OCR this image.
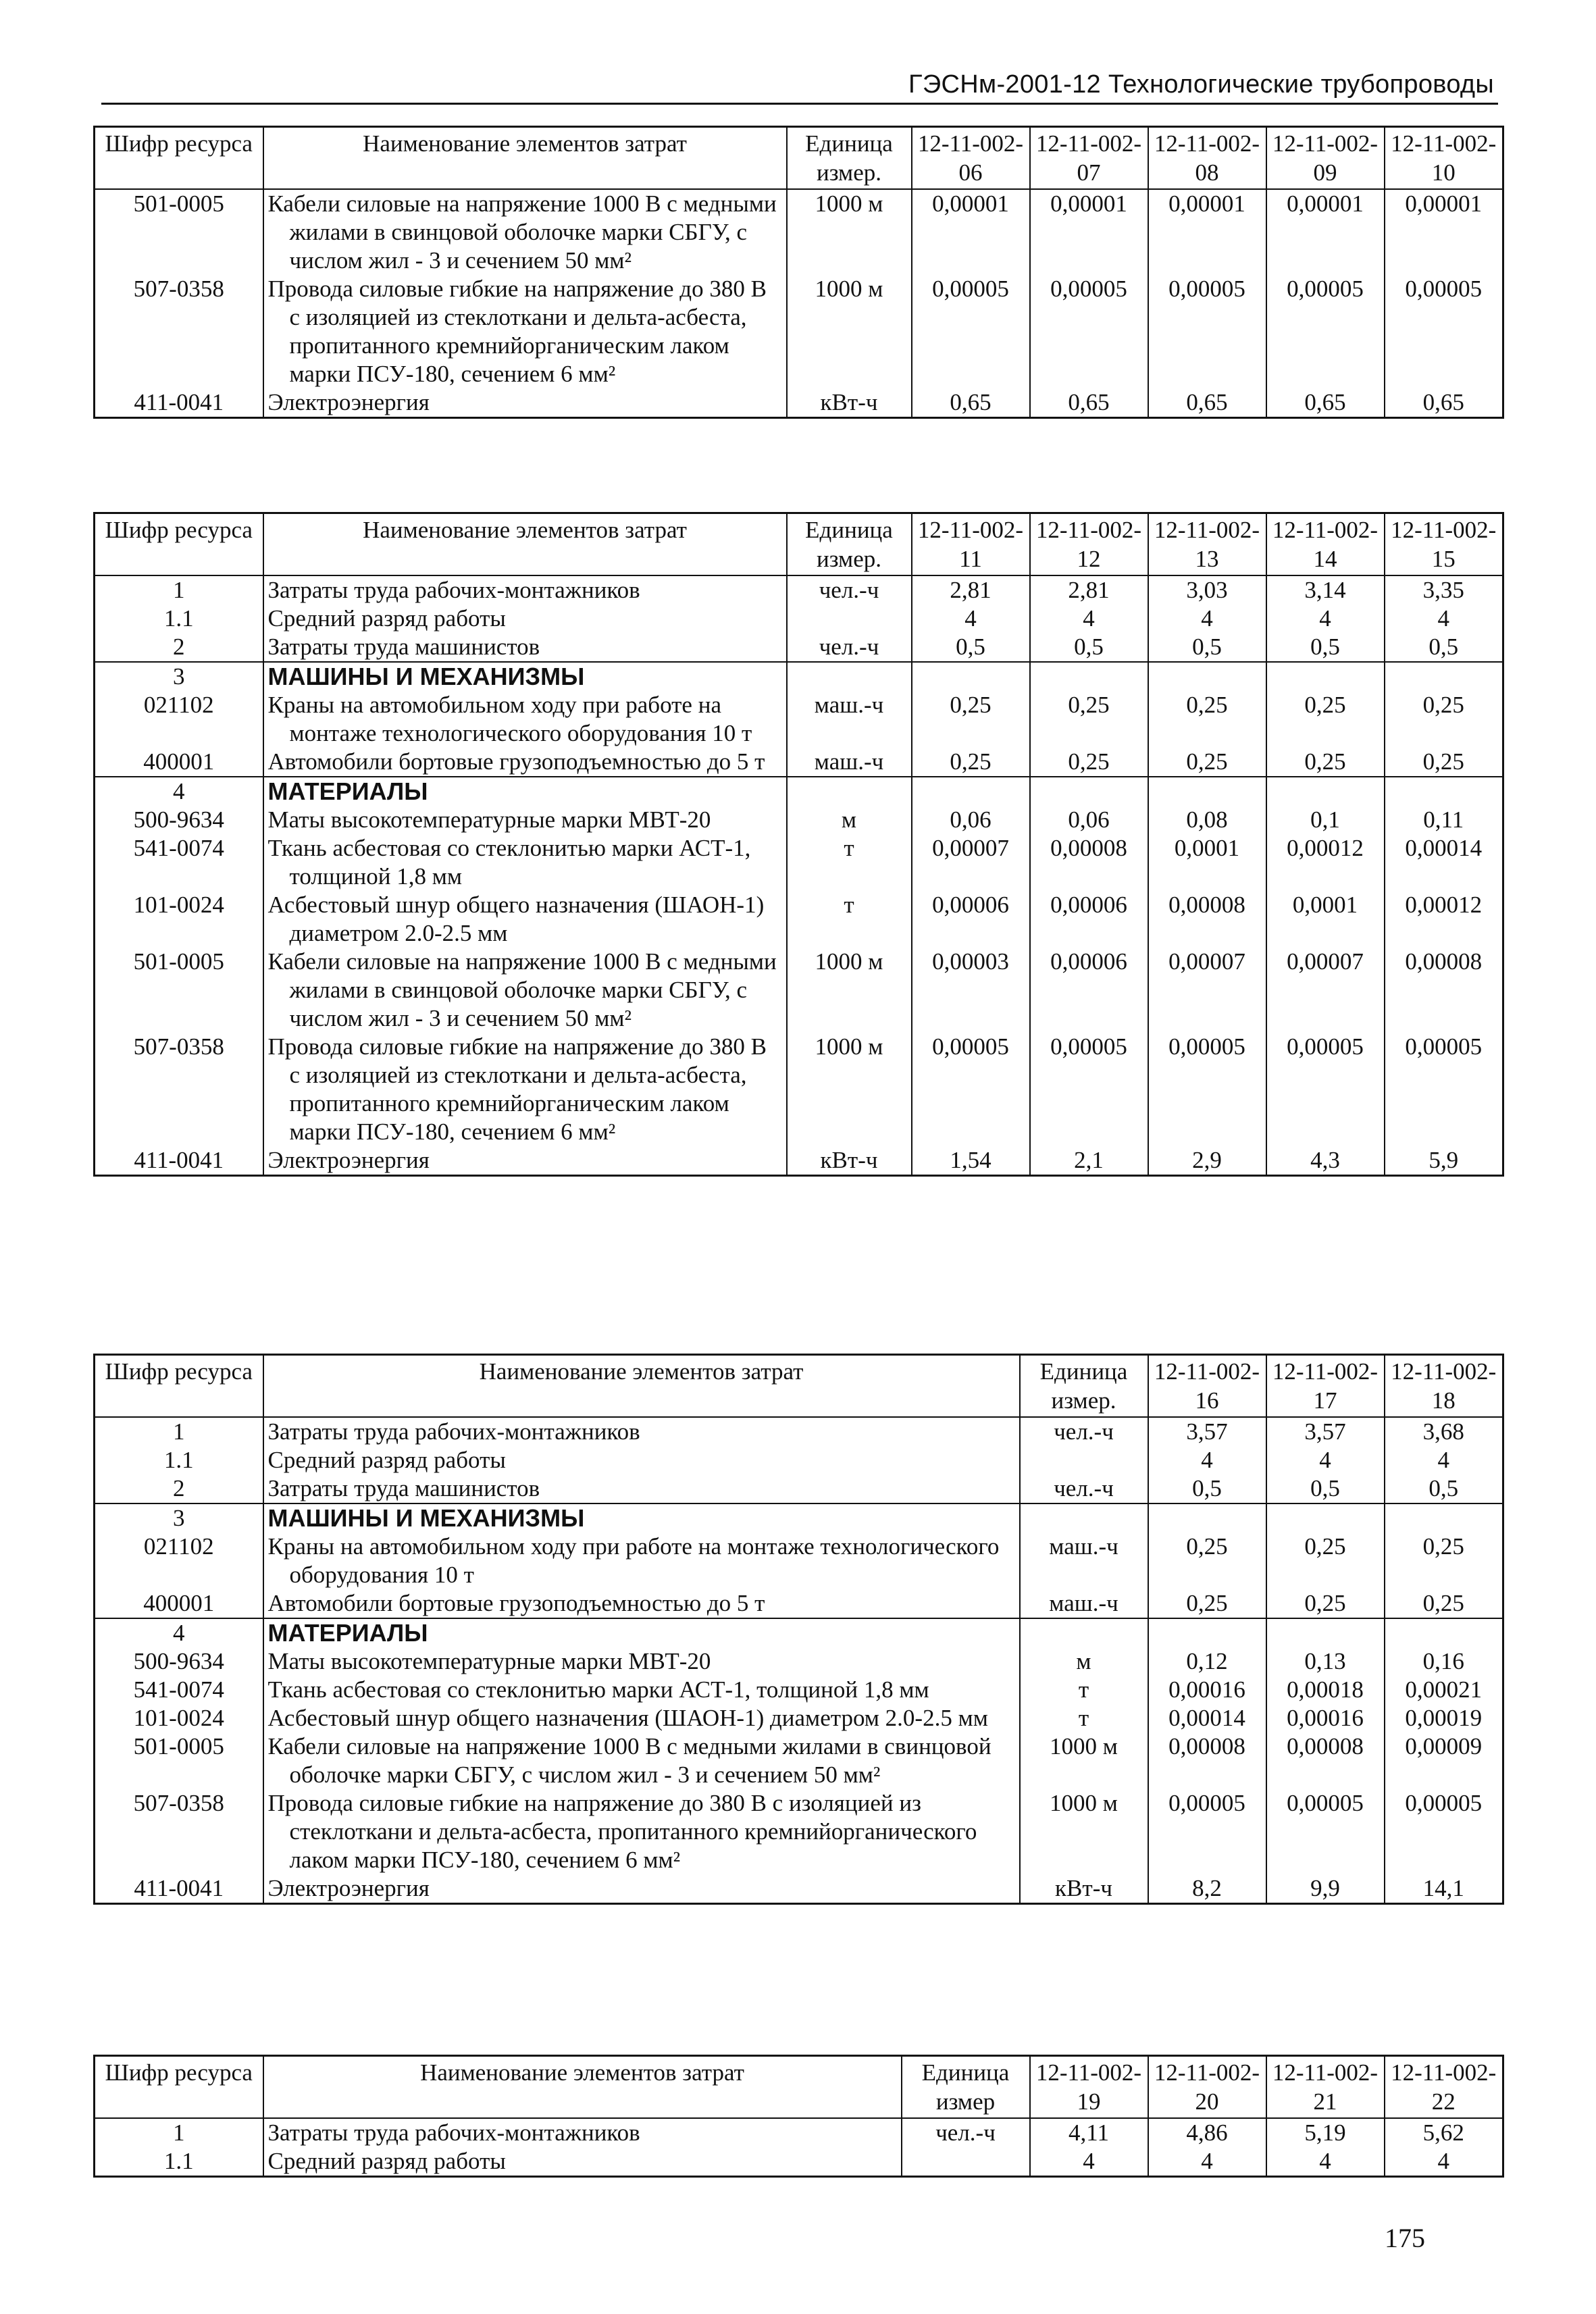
ГЭСНм-2001-12 Технологические трубопроводы
Шифр ресурса	Наименование элементов затрат	Единица измер.	12-11-002-06	12-11-002-07	12-11-002-08	12-11-002-09	12-11-002-10
501-0005	Кабели силовые на напряжение 1000 В с медными жилами в свинцовой оболочке марки СБГУ, с числом жил - 3 и сечением 50 мм²	1000 м	0,00001	0,00001	0,00001	0,00001	0,00001
507-0358	Провода силовые гибкие на напряжение до 380 В с изоляцией из стеклоткани и дельта-асбеста, пропитанного кремнийорганическим лаком марки ПСУ-180, сечением 6 мм²	1000 м	0,00005	0,00005	0,00005	0,00005	0,00005
411-0041	Электроэнергия	кВт-ч	0,65	0,65	0,65	0,65	0,65
Шифр ресурса	Наименование элементов затрат	Единица измер.	12-11-002-11	12-11-002-12	12-11-002-13	12-11-002-14	12-11-002-15
1	Затраты труда рабочих-монтажников	чел.-ч	2,81	2,81	3,03	3,14	3,35
1.1	Средний разряд работы		4	4	4	4	4
2	Затраты труда машинистов	чел.-ч	0,5	0,5	0,5	0,5	0,5
3	МАШИНЫ И МЕХАНИЗМЫ						

021102	Краны на автомобильном ходу при работе на монтаже технологического оборудования 10 т	маш.-ч	0,25	0,25	0,25	0,25	0,25
400001	Автомобили бортовые грузоподъемностью до 5 т	маш.-ч	0,25	0,25	0,25	0,25	0,25
4	МАТЕРИАЛЫ						

500-9634	Маты высокотемпературные марки МВТ-20	м	0,06	0,06	0,08	0,1	0,11
541-0074	Ткань асбестовая со стеклонитью марки АСТ-1, толщиной 1,8 мм	т	0,00007	0,00008	0,0001	0,00012	0,00014
101-0024	Асбестовый шнур общего назначения (ШАОН-1) диаметром 2.0-2.5 мм	т	0,00006	0,00006	0,00008	0,0001	0,00012
501-0005	Кабели силовые на напряжение 1000 В с медными жилами в свинцовой оболочке марки СБГУ, с числом жил - 3 и сечением 50 мм²	1000 м	0,00003	0,00006	0,00007	0,00007	0,00008
507-0358	Провода силовые гибкие на напряжение до 380 В с изоляцией из стеклоткани и дельта-асбеста, пропитанного кремнийорганическим лаком марки ПСУ-180, сечением 6 мм²	1000 м	0,00005	0,00005	0,00005	0,00005	0,00005
411-0041	Электроэнергия	кВт-ч	1,54	2,1	2,9	4,3	5,9
Шифр ресурса	Наименование элементов затрат	Единица измер.	12-11-002-16	12-11-002-17	12-11-002-18
1	Затраты труда рабочих-монтажников	чел.-ч	3,57	3,57	3,68
1.1	Средний разряд работы		4	4	4
2	Затраты труда машинистов	чел.-ч	0,5	0,5	0,5
3	МАШИНЫ И МЕХАНИЗМЫ				

021102	Краны на автомобильном ходу при работе на монтаже технологического оборудования 10 т	маш.-ч	0,25	0,25	0,25
400001	Автомобили бортовые грузоподъемностью до 5 т	маш.-ч	0,25	0,25	0,25
4	МАТЕРИАЛЫ				

500-9634	Маты высокотемпературные марки МВТ-20	м	0,12	0,13	0,16
541-0074	Ткань асбестовая со стеклонитью марки АСТ-1, толщиной 1,8 мм	т	0,00016	0,00018	0,00021
101-0024	Асбестовый шнур общего назначения (ШАОН-1) диаметром 2.0-2.5 мм	т	0,00014	0,00016	0,00019
501-0005	Кабели силовые на напряжение 1000 В с медными жилами в свинцовой оболочке марки СБГУ, с числом жил - 3 и сечением 50 мм²	1000 м	0,00008	0,00008	0,00009
507-0358	Провода силовые гибкие на напряжение до 380 В с изоляцией из стеклоткани и дельта-асбеста, пропитанного кремнийорганического лаком марки ПСУ-180, сечением 6 мм²	1000 м	0,00005	0,00005	0,00005
411-0041	Электроэнергия	кВт-ч	8,2	9,9	14,1
Шифр ресурса	Наименование элементов затрат	Единица измер	12-11-002-19	12-11-002-20	12-11-002-21	12-11-002-22
1	Затраты труда рабочих-монтажников	чел.-ч	4,11	4,86	5,19	5,62
1.1	Средний разряд работы		4	4	4	4
175
